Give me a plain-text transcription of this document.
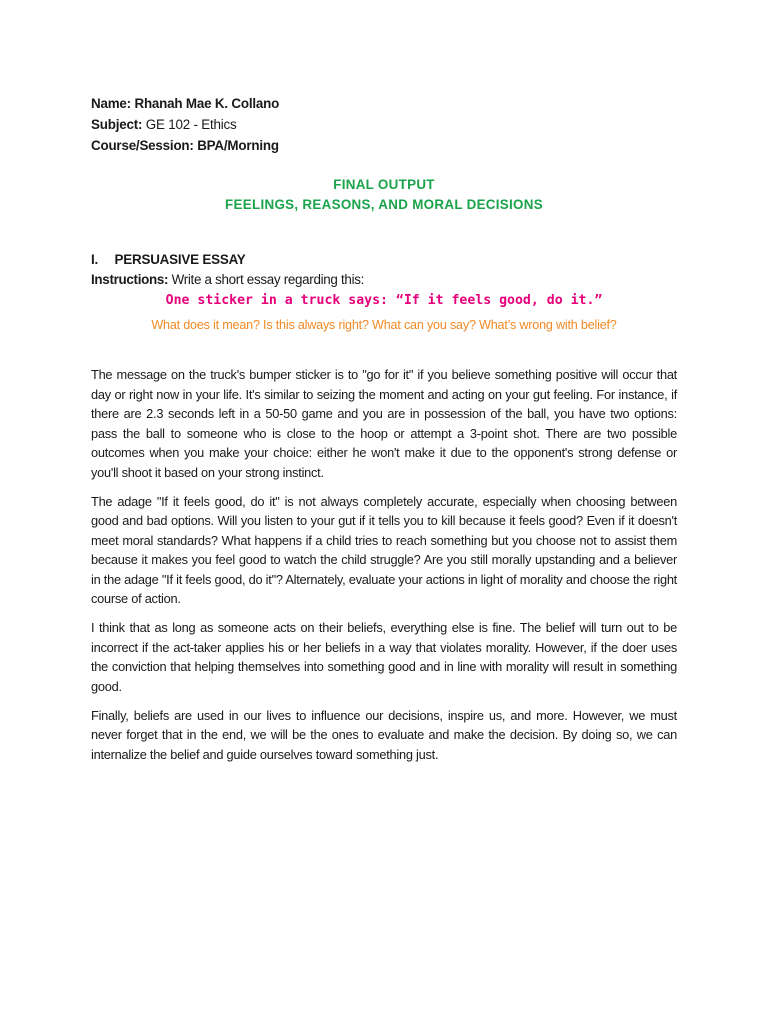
Name: Rhanah Mae K. Collano
Subject: GE 102 - Ethics
Course/Session: BPA/Morning
FINAL OUTPUT
FEELINGS, REASONS, AND MORAL DECISIONS
I. PERSUASIVE ESSAY
Instructions: Write a short essay regarding this:
One sticker in a truck says: “If it feels good, do it.”
What does it mean? Is this always right? What can you say? What’s wrong with belief?

The message on the truck's bumper sticker is to "go for it" if you believe something positive will occur that day or right now in your life. It's similar to seizing the moment and acting on your gut feeling. For instance, if there are 2.3 seconds left in a 50-50 game and you are in possession of the ball, you have two options: pass the ball to someone who is close to the hoop or attempt a 3-point shot. There are two possible outcomes when you make your choice: either he won't make it due to the opponent's strong defense or you'll shoot it based on your strong instinct.

The adage "If it feels good, do it" is not always completely accurate, especially when choosing between good and bad options. Will you listen to your gut if it tells you to kill because it feels good? Even if it doesn't meet moral standards? What happens if a child tries to reach something but you choose not to assist them because it makes you feel good to watch the child struggle? Are you still morally upstanding and a believer in the adage "If it feels good, do it"? Alternately, evaluate your actions in light of morality and choose the right course of action.

I think that as long as someone acts on their beliefs, everything else is fine. The belief will turn out to be incorrect if the act-taker applies his or her beliefs in a way that violates morality. However, if the doer uses the conviction that helping themselves into something good and in line with morality will result in something good.

Finally, beliefs are used in our lives to influence our decisions, inspire us, and more. However, we must never forget that in the end, we will be the ones to evaluate and make the decision. By doing so, we can internalize the belief and guide ourselves toward something just.
